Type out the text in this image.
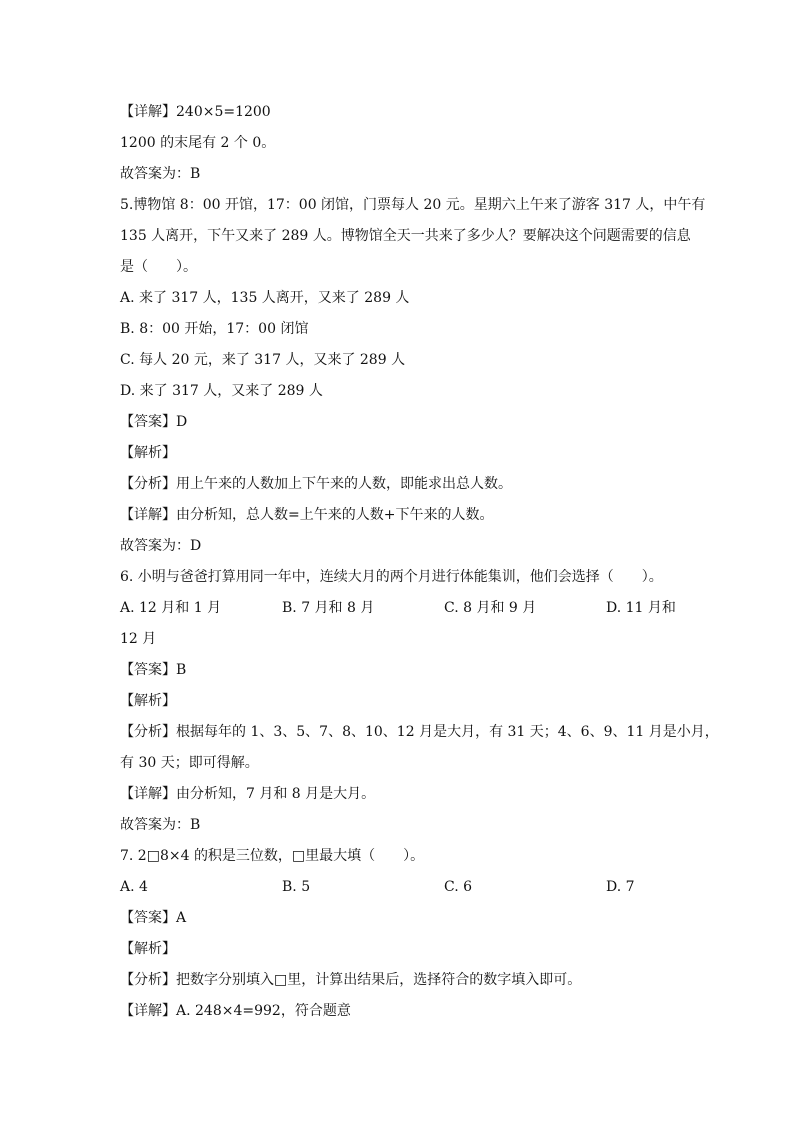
【详解】240×5=1200
1200 的末尾有 2 个 0。
故答案为：B
5.博物馆 8：00 开馆，17：00 闭馆，门票每人 20 元。星期六上午来了游客 317 人，中午有
135 人离开，下午又来了 289 人。博物馆全天一共来了多少人？要解决这个问题需要的信息
是（　　）。
A. 来了 317 人，135 人离开，又来了 289 人
B. 8：00 开始，17：00 闭馆
C. 每人 20 元，来了 317 人，又来了 289 人
D. 来了 317 人，又来了 289 人
【答案】D
【解析】
【分析】用上午来的人数加上下午来的人数，即能求出总人数。
【详解】由分析知，总人数=上午来的人数+下午来的人数。
故答案为：D
6. 小明与爸爸打算用同一年中，连续大月的两个月进行体能集训，他们会选择（　　）。
A. 12 月和 1 月	B. 7 月和 8 月	C. 8 月和 9 月	D. 11 月和
12 月
【答案】B
【解析】
【分析】根据每年的 1、3、5、7、8、10、12 月是大月，有 31 天；4、6、9、11 月是小月，
有 30 天；即可得解。
【详解】由分析知，7 月和 8 月是大月。
故答案为：B
7. 2□8×4 的积是三位数，□里最大填（　　）。
A. 4	B. 5	C. 6	D. 7
【答案】A
【解析】
【分析】把数字分别填入□里，计算出结果后，选择符合的数字填入即可。
【详解】A. 248×4=992，符合题意
